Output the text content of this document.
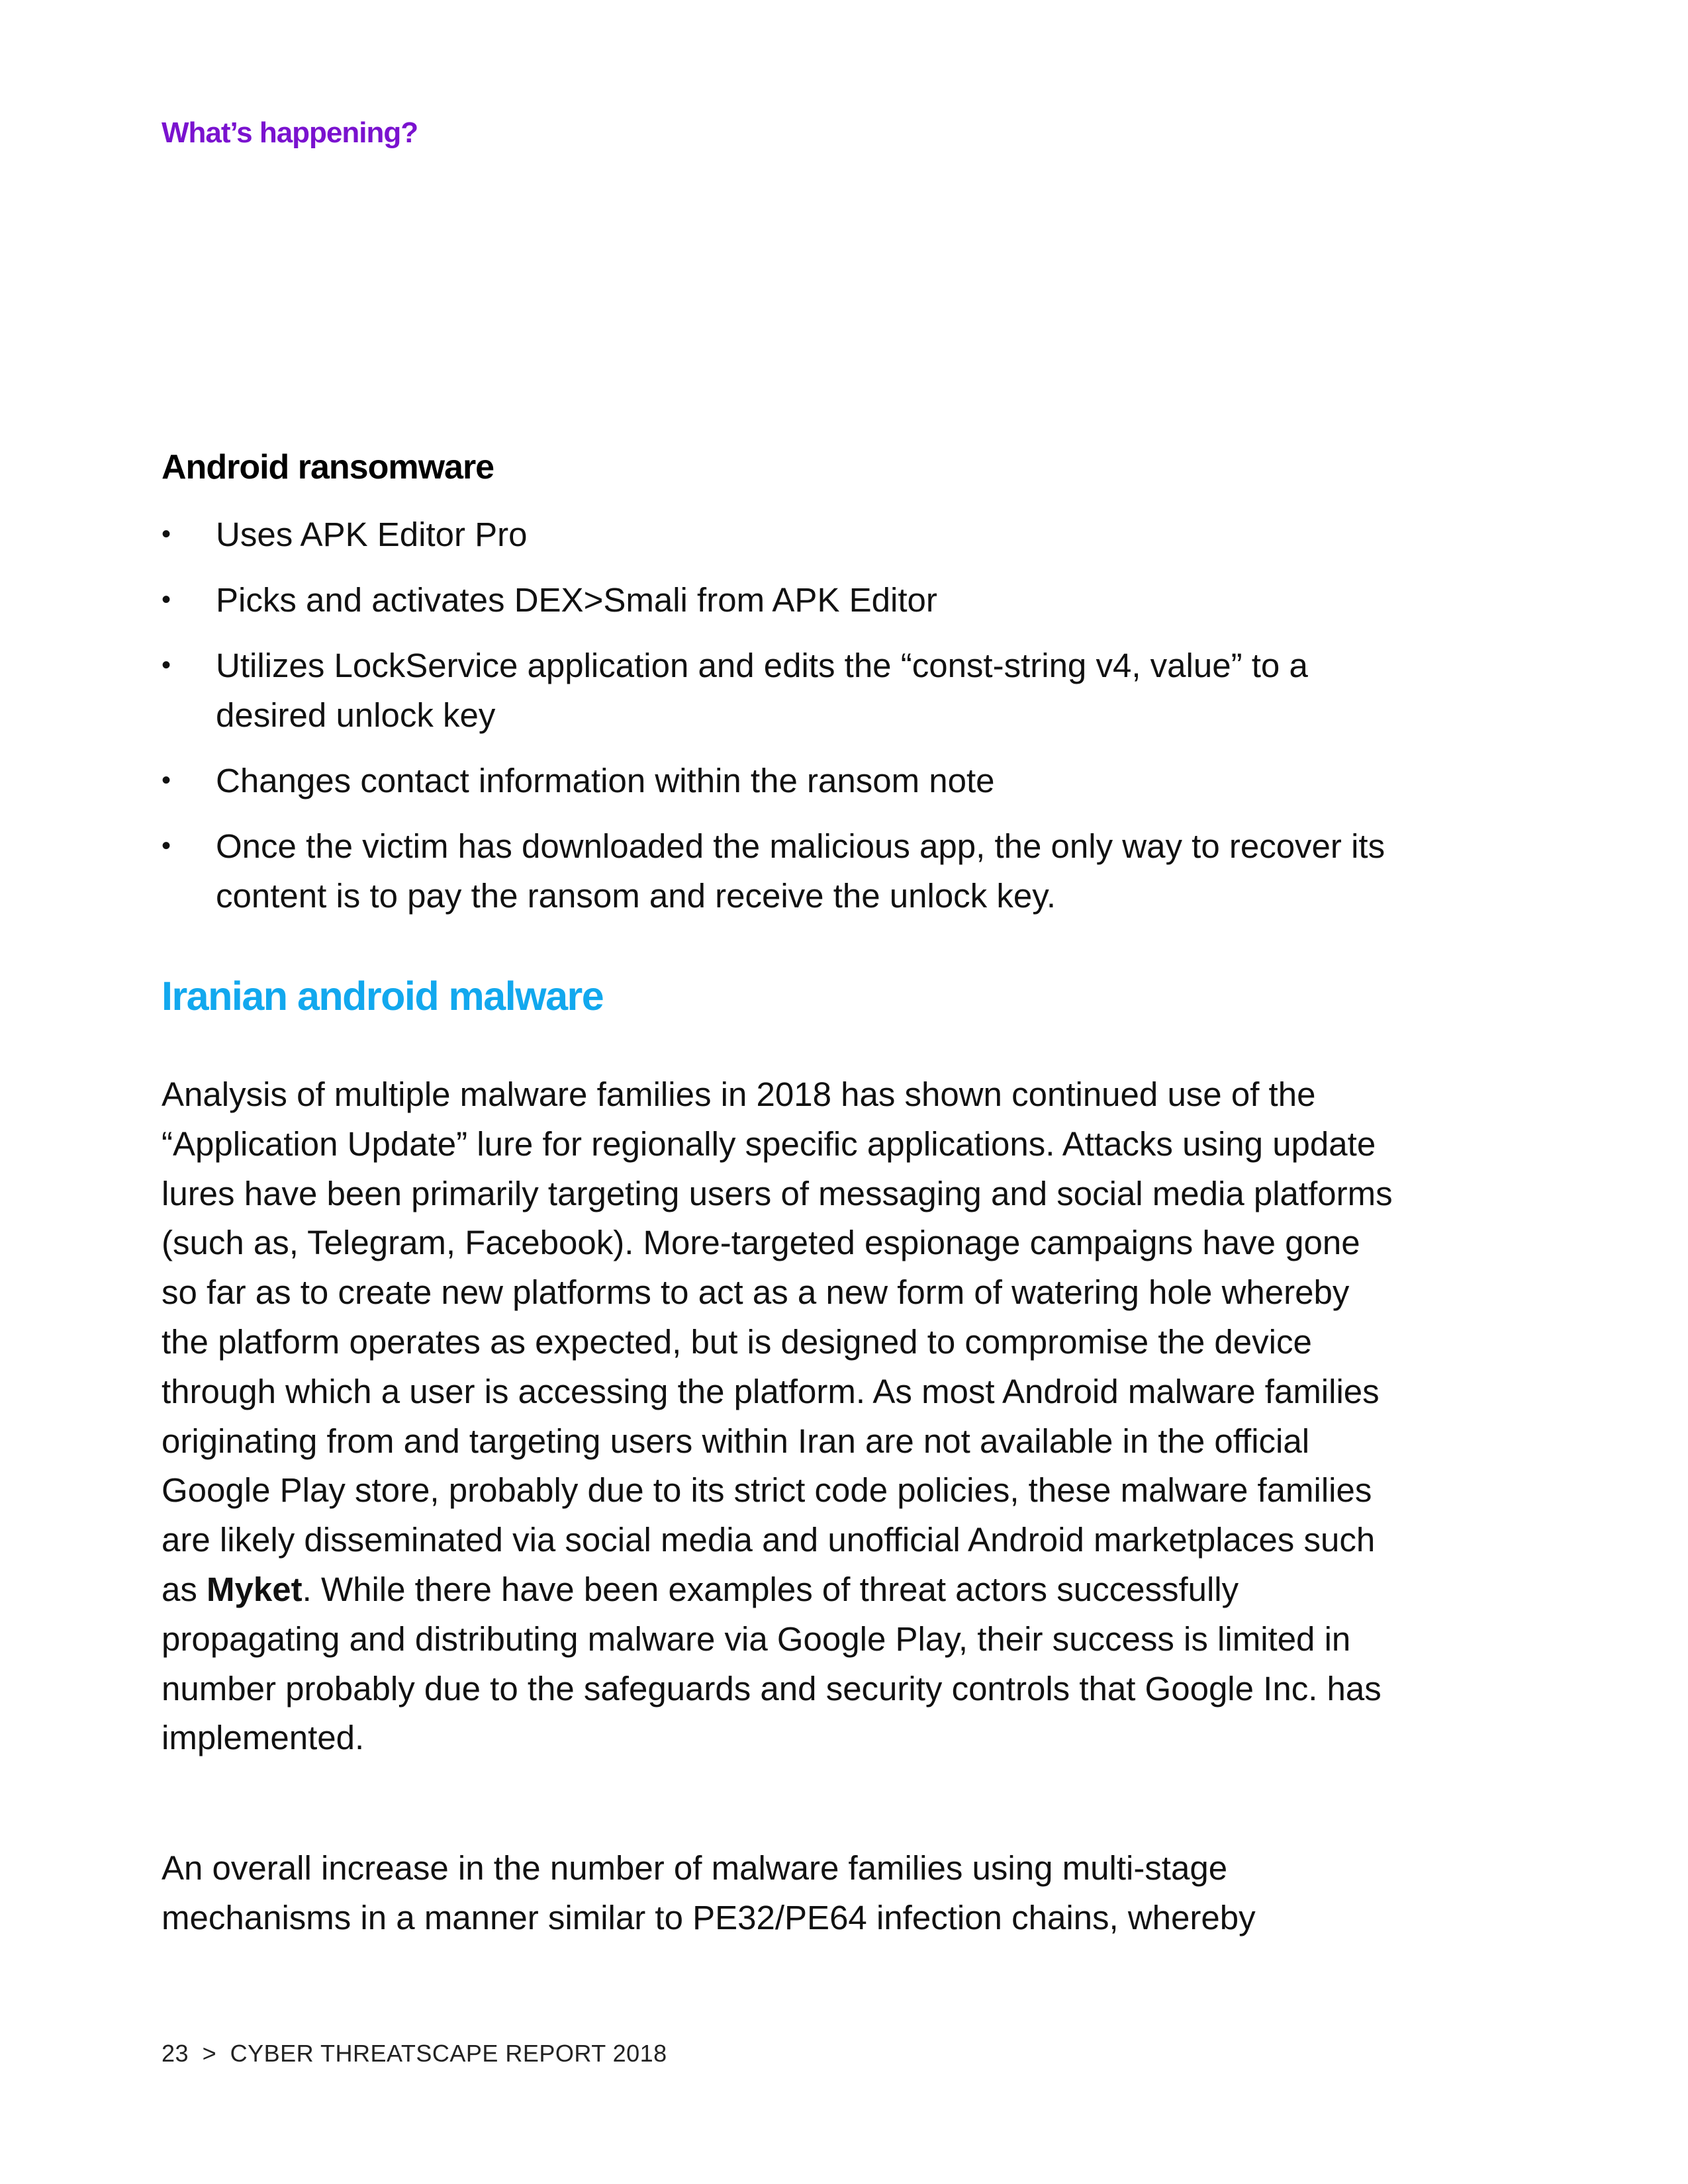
What’s happening?
Android ransomware
• Uses APK Editor Pro
• Picks and activates DEX>Smali from APK Editor
• Utilizes LockService application and edits the “const-string v4, value” to a desired unlock key
• Changes contact information within the ransom note
• Once the victim has downloaded the malicious app, the only way to recover its content is to pay the ransom and receive the unlock key.
Iranian android malware

Analysis of multiple malware families in 2018 has shown continued use of the “Application Update” lure for regionally specific applications. Attacks using update lures have been primarily targeting users of messaging and social media platforms (such as, Telegram, Facebook). More-targeted espionage campaigns have gone so far as to create new platforms to act as a new form of watering hole whereby the platform operates as expected, but is designed to compromise the device through which a user is accessing the platform. As most Android malware families originating from and targeting users within Iran are not available in the official Google Play store, probably due to its strict code policies, these malware families are likely disseminated via social media and unofficial Android marketplaces such as Myket. While there have been examples of threat actors successfully propagating and distributing malware via Google Play, their success is limited in number probably due to the safeguards and security controls that Google Inc. has implemented.

An overall increase in the number of malware families using multi-stage mechanisms in a manner similar to PE32/PE64 infection chains, whereby

23 > CYBER THREATSCAPE REPORT 2018
